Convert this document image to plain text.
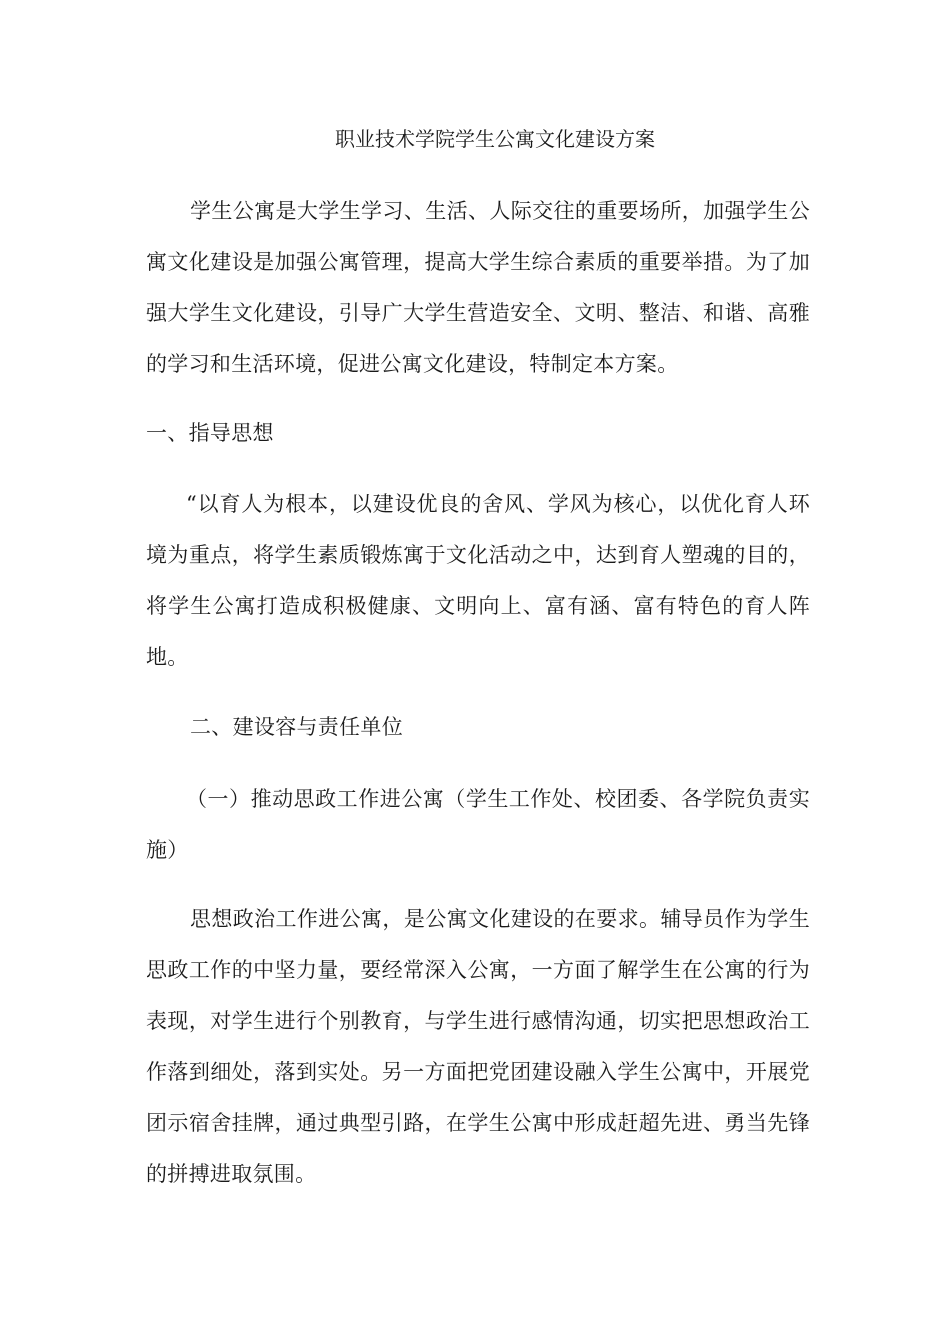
职业技术学院学生公寓文化建设方案

学生公寓是大学生学习、生活、人际交往的重要场所，加强学生公寓文化建设是加强公寓管理，提高大学生综合素质的重要举措。为了加强大学生文化建设，引导广大学生营造安全、文明、整洁、和谐、高雅的学习和生活环境，促进公寓文化建设，特制定本方案。

一、指导思想

“以育人为根本，以建设优良的舍风、学风为核心，以优化育人环境为重点，将学生素质锻炼寓于文化活动之中，达到育人塑魂的目的，将学生公寓打造成积极健康、文明向上、富有涵、富有特色的育人阵地。

二、建设容与责任单位

（一）推动思政工作进公寓（学生工作处、校团委、各学院负责实施）

思想政治工作进公寓，是公寓文化建设的在要求。辅导员作为学生思政工作的中坚力量，要经常深入公寓，一方面了解学生在公寓的行为表现，对学生进行个别教育，与学生进行感情沟通，切实把思想政治工作落到细处，落到实处。另一方面把党团建设融入学生公寓中，开展党团示宿舍挂牌，通过典型引路，在学生公寓中形成赶超先进、勇当先锋的拼搏进取氛围。
